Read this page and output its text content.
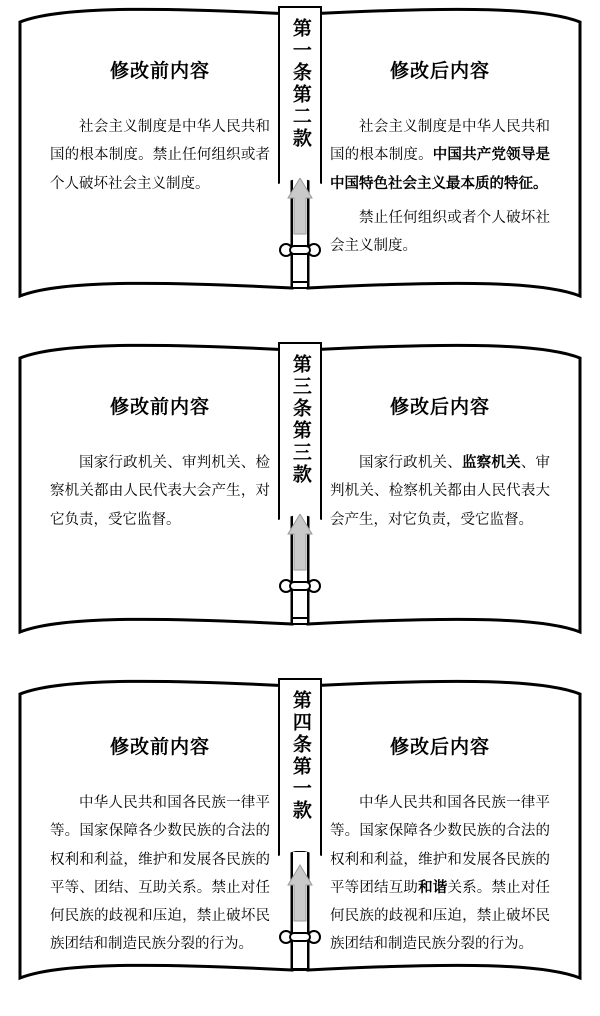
修改前内容

社会主义制度是中华人民共和国的根本制度。禁止任何组织或者个人破坏社会主义制度。

修改后内容

社会主义制度是中华人民共和国的根本制度。中国共产党领导是中国特色社会主义最本质的特征。

禁止任何组织或者个人破坏社会主义制度。

第一条第二款
修改前内容

国家行政机关、审判机关、检察机关都由人民代表大会产生，对它负责，受它监督。

修改后内容

国家行政机关、监察机关、审判机关、检察机关都由人民代表大会产生，对它负责，受它监督。

第三条第三款
修改前内容

中华人民共和国各民族一律平等。国家保障各少数民族的合法的权利和利益，维护和发展各民族的平等、团结、互助关系。禁止对任何民族的歧视和压迫，禁止破坏民族团结和制造民族分裂的行为。

修改后内容

中华人民共和国各民族一律平等。国家保障各少数民族的合法的权利和利益，维护和发展各民族的平等团结互助和谐关系。禁止对任何民族的歧视和压迫，禁止破坏民族团结和制造民族分裂的行为。

第四条第一款
